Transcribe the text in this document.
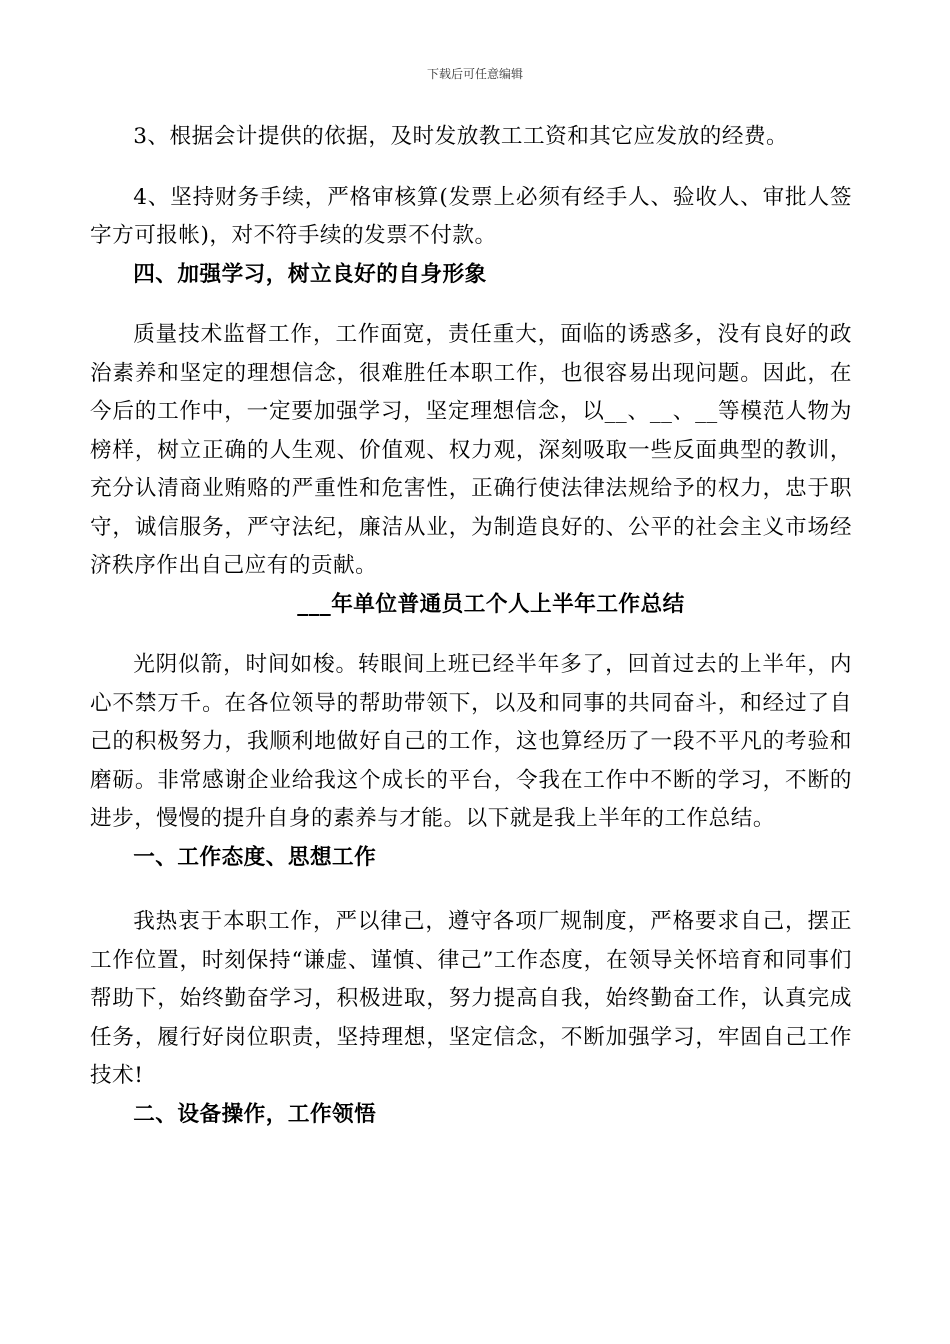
下载后可任意编辑

3、根据会计提供的依据，及时发放教工工资和其它应发放的经费。

4、坚持财务手续，严格审核算(发票上必须有经手人、验收人、审批人签字方可报帐)，对不符手续的发票不付款。

四、加强学习，树立良好的自身形象

质量技术监督工作，工作面宽，责任重大，面临的诱惑多，没有良好的政治素养和坚定的理想信念，很难胜任本职工作，也很容易出现问题。因此，在今后的工作中，一定要加强学习，坚定理想信念，以__、__、__等模范人物为榜样，树立正确的人生观、价值观、权力观，深刻吸取一些反面典型的教训，充分认清商业贿赂的严重性和危害性，正确行使法律法规给予的权力，忠于职守，诚信服务，严守法纪，廉洁从业，为制造良好的、公平的社会主义市场经济秩序作出自己应有的贡献。

___年单位普通员工个人上半年工作总结

光阴似箭，时间如梭。转眼间上班已经半年多了，回首过去的上半年，内心不禁万千。在各位领导的帮助带领下，以及和同事的共同奋斗，和经过了自己的积极努力，我顺利地做好自己的工作，这也算经历了一段不平凡的考验和磨砺。非常感谢企业给我这个成长的平台，令我在工作中不断的学习，不断的进步，慢慢的提升自身的素养与才能。以下就是我上半年的工作总结。

一、工作态度、思想工作

我热衷于本职工作，严以律己，遵守各项厂规制度，严格要求自己，摆正工作位置，时刻保持“谦虚、谨慎、律己”工作态度，在领导关怀培育和同事们帮助下，始终勤奋学习，积极进取，努力提高自我，始终勤奋工作，认真完成任务，履行好岗位职责，坚持理想，坚定信念，不断加强学习，牢固自己工作技术!

二、设备操作，工作领悟
